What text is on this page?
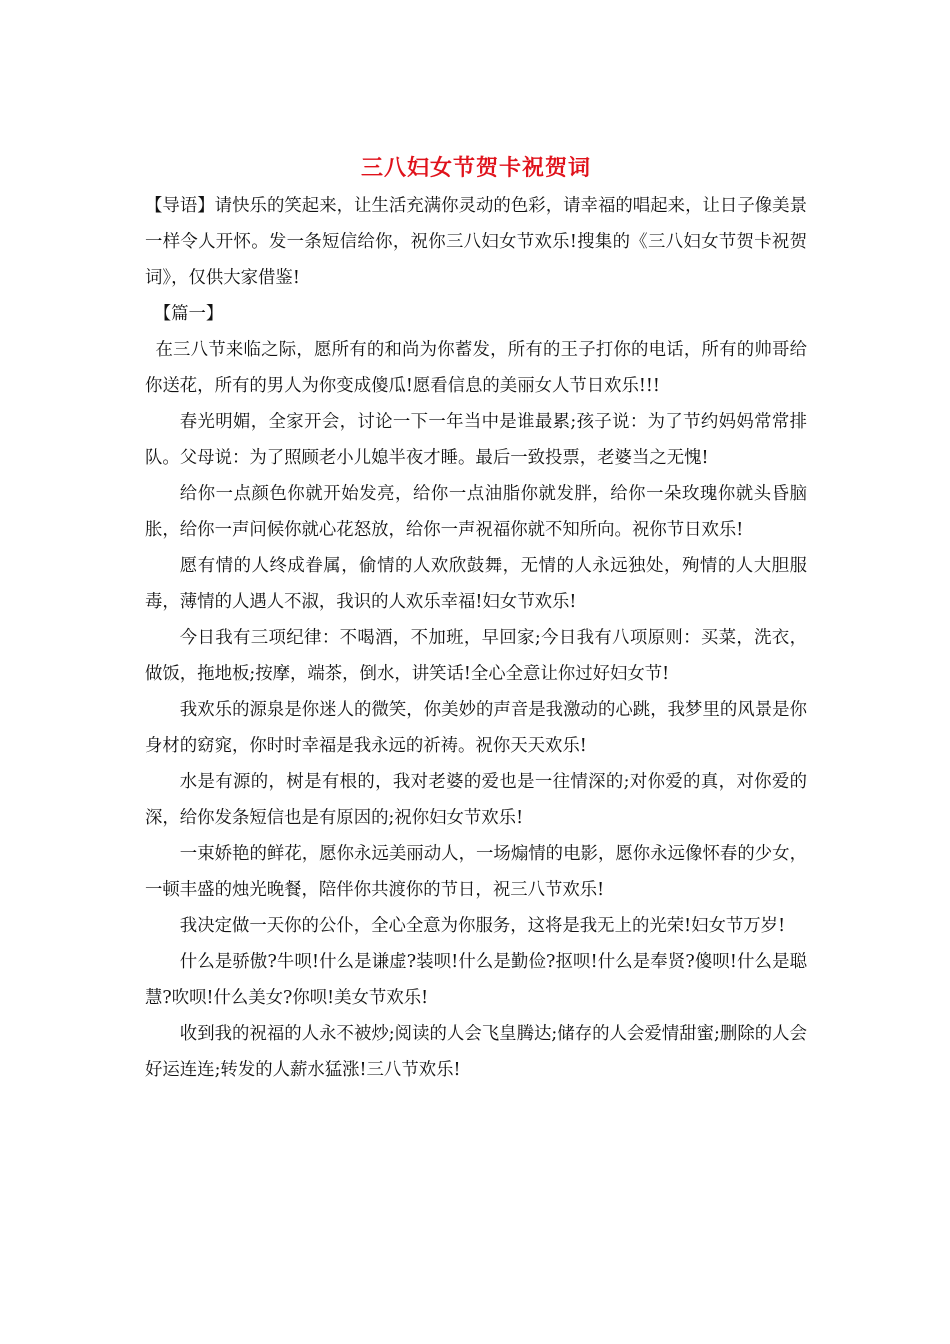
三八妇女节贺卡祝贺词

【导语】请快乐的笑起来，让生活充满你灵动的色彩，请幸福的唱起来，让日子像美景一样令人开怀。发一条短信给你，祝你三八妇女节欢乐!搜集的《三八妇女节贺卡祝贺词》，仅供大家借鉴!

【篇一】

在三八节来临之际，愿所有的和尚为你蓄发，所有的王子打你的电话，所有的帅哥给你送花，所有的男人为你变成傻瓜!愿看信息的美丽女人节日欢乐!!!

春光明媚，全家开会，讨论一下一年当中是谁最累;孩子说：为了节约妈妈常常排队。父母说：为了照顾老小儿媳半夜才睡。最后一致投票，老婆当之无愧!

给你一点颜色你就开始发亮，给你一点油脂你就发胖，给你一朵玫瑰你就头昏脑胀，给你一声问候你就心花怒放，给你一声祝福你就不知所向。祝你节日欢乐!

愿有情的人终成眷属，偷情的人欢欣鼓舞，无情的人永远独处，殉情的人大胆服毒，薄情的人遇人不淑，我识的人欢乐幸福!妇女节欢乐!

今日我有三项纪律：不喝酒，不加班，早回家;今日我有八项原则：买菜，洗衣，做饭，拖地板;按摩，端茶，倒水，讲笑话!全心全意让你过好妇女节!

我欢乐的源泉是你迷人的微笑，你美妙的声音是我激动的心跳，我梦里的风景是你身材的窈窕，你时时幸福是我永远的祈祷。祝你天天欢乐!

水是有源的，树是有根的，我对老婆的爱也是一往情深的;对你爱的真，对你爱的深，给你发条短信也是有原因的;祝你妇女节欢乐!

一束娇艳的鲜花，愿你永远美丽动人，一场煽情的电影，愿你永远像怀春的少女，一顿丰盛的烛光晚餐，陪伴你共渡你的节日，祝三八节欢乐!

我决定做一天你的公仆，全心全意为你服务，这将是我无上的光荣!妇女节万岁!

什么是骄傲?牛呗!什么是谦虚?装呗!什么是勤俭?抠呗!什么是奉贤?傻呗!什么是聪慧?吹呗!什么美女?你呗!美女节欢乐!

收到我的祝福的人永不被炒;阅读的人会飞皇腾达;储存的人会爱情甜蜜;删除的人会好运连连;转发的人薪水猛涨!三八节欢乐!
